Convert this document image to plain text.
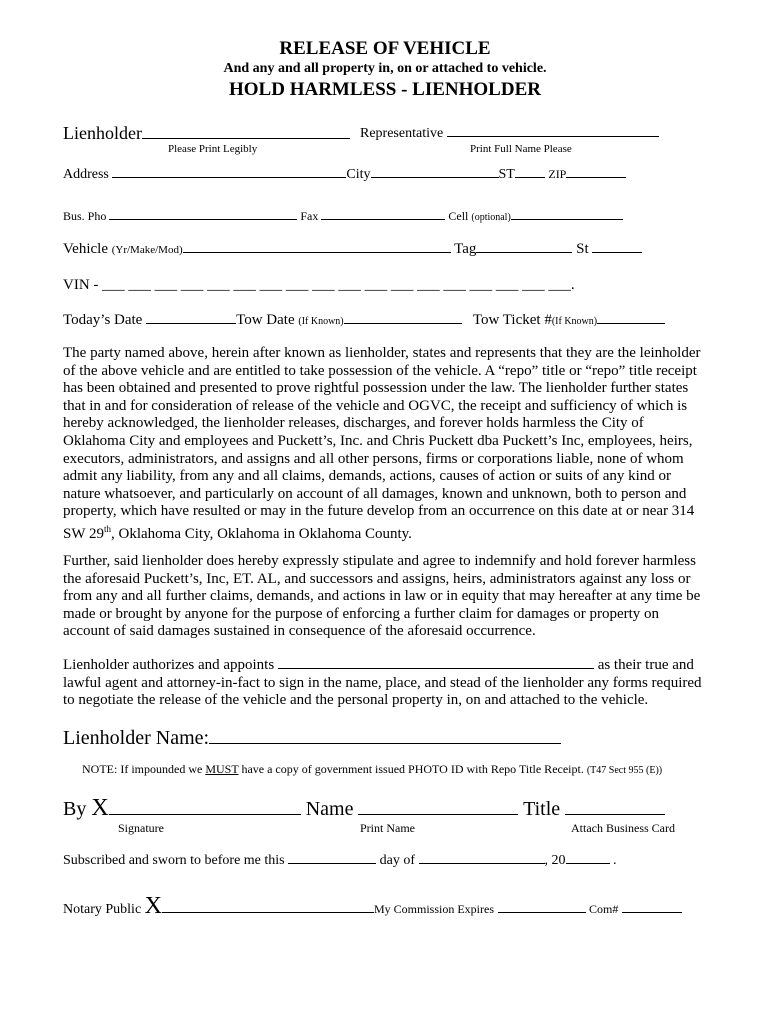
RELEASE OF VEHICLE
And any and all property in, on or attached to vehicle.
HOLD HARMLESS - LIENHOLDER
Lienholder	Representative
Please Print Legibly	Print Full Name Please
Address	City	ST	ZIP
Bus. Pho	Fax	Cell (optional)
Vehicle (Yr/Make/Mod)	Tag	St
VIN - ___ ___ ___ ___ ___ ___ ___ ___ ___ ___ ___ ___ ___ ___ ___ ___ ___ ___.
Today’s Date	Tow Date (If Known)	Tow Ticket #(If Known)
The party named above, herein after known as lienholder, states and represents that they are the leinholder
of the above vehicle and are entitled to take possession of the vehicle. A “repo” title or “repo” title receipt
has been obtained and presented to prove rightful possession under the law. The lienholder further states
that in and for consideration of release of the vehicle and OGVC, the receipt and sufficiency of which is
hereby acknowledged, the lienholder releases, discharges, and forever holds harmless the City of
Oklahoma City and employees and Puckett’s, Inc. and Chris Puckett dba Puckett’s Inc, employees, heirs,
executors, administrators, and assigns and all other persons, firms or corporations liable, none of whom
admit any liability, from any and all claims, demands, actions, causes of action or suits of any kind or
nature whatsoever, and particularly on account of all damages, known and unknown, both to person and
property, which have resulted or may in the future develop from an occurrence on this date at or near 314
SW 29th, Oklahoma City, Oklahoma in Oklahoma County.
Further, said lienholder does hereby expressly stipulate and agree to indemnify and hold forever harmless
the aforesaid Puckett’s, Inc, ET. AL, and successors and assigns, heirs, administrators against any loss or
from any and all further claims, demands, and actions in law or in equity that may hereafter at any time be
made or brought by anyone for the purpose of enforcing a further claim for damages or property on
account of said damages sustained in consequence of the aforesaid occurrence.
Lienholder authorizes and appoints	as their true and
lawful agent and attorney-in-fact to sign in the name, place, and stead of the lienholder any forms required
to negotiate the release of the vehicle and the personal property in, on and attached to the vehicle.
Lienholder Name:
NOTE: If impounded we MUST have a copy of government issued PHOTO ID with Repo Title Receipt. (T47 Sect 955 (E))
By X	Name	Title
Signature	Print Name	Attach Business Card
Subscribed and sworn to before me this	day of	, 20	.
Notary Public X	My Commission Expires	Com#
